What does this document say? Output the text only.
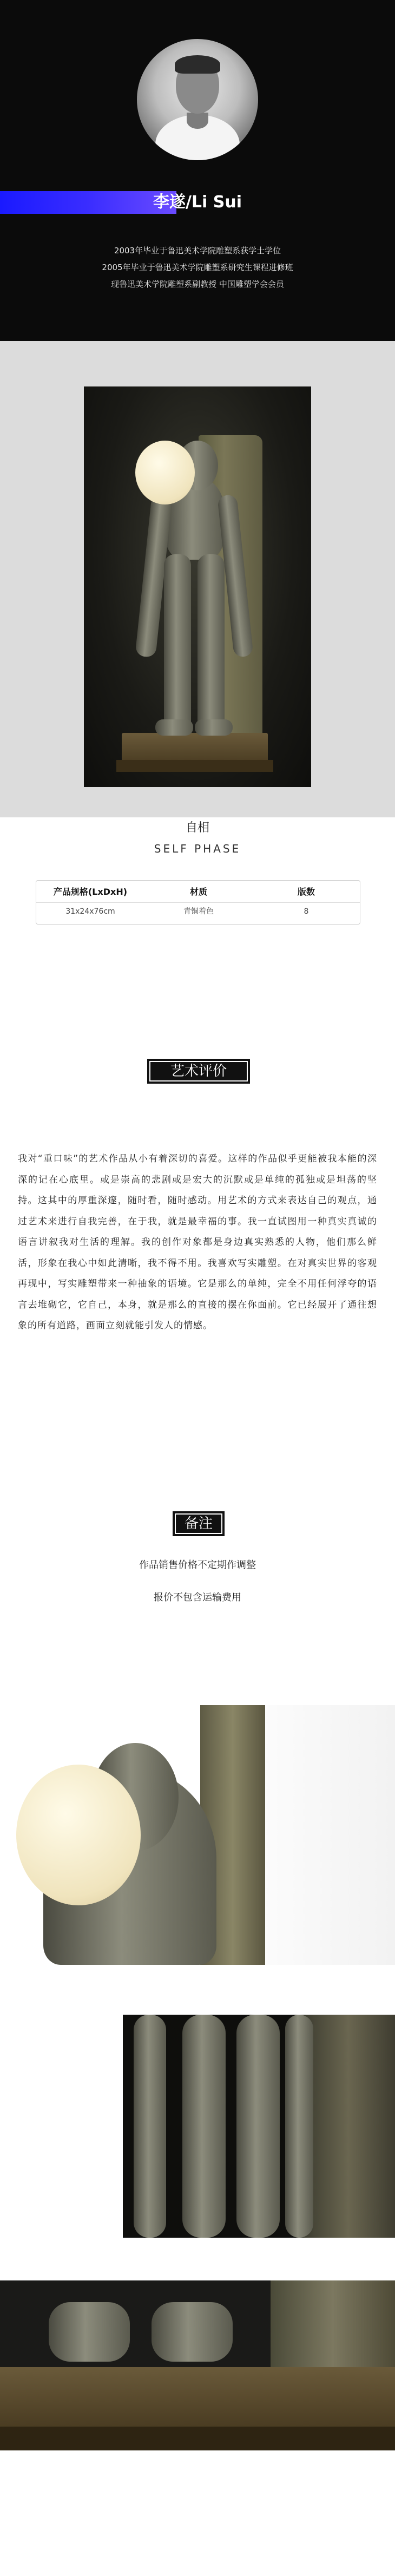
李遂/Li Sui
2003年毕业于鲁迅美术学院雕塑系获学士学位
2005年毕业于鲁迅美术学院雕塑系研究生课程进修班
现鲁迅美术学院雕塑系副教授 中国雕塑学会会员
自相
SELF PHASE
产品规格(LxDxH)
31x24x76cm
材质
青铜着色
版数
8
艺术评价
我对“重口味”的艺术作品从小有着深切的喜爱。这样的作品似乎更能被我本能的深深的记在心底里。或是崇高的悲剧或是宏大的沉默或是单纯的孤独或是坦荡的坚持。这其中的厚重深邃，随时看，随时感动。用艺术的方式来表达自己的观点，通过艺术来进行自我完善，在于我，就是最幸福的事。我一直试图用一种真实真诚的语言讲叙我对生活的理解。我的创作对象都是身边真实熟悉的人物，他们那么鲜活，形象在我心中如此清晰，我不得不用。我喜欢写实雕塑。在对真实世界的客观再现中，写实雕塑带来一种抽象的语境。它是那么的单纯，完全不用任何浮夸的语言去堆砌它，它自己，本身，就是那么的直接的摆在你面前。它已经展开了通往想象的所有道路，画面立刻就能引发人的情感。
备注
作品销售价格不定期作调整
报价不包含运输费用
